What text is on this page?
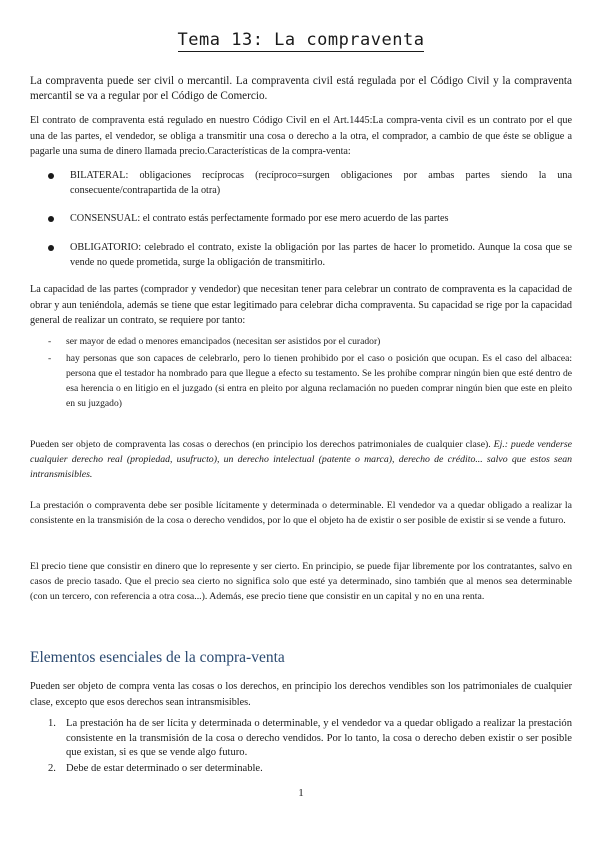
Tema 13: La compraventa

La compraventa puede ser civil o mercantil. La compraventa civil está regulada por el Código Civil y la compraventa mercantil se va a regular por el Código de Comercio.

El contrato de compraventa está regulado en nuestro Código Civil en el Art.1445:La compra-venta civil es un contrato por el que una de las partes, el vendedor, se obliga a transmitir una cosa o derecho a la otra, el comprador, a cambio de que éste se obligue a pagarle una suma de dinero llamada precio.Características de la compra-venta:

BILATERAL: obligaciones recíprocas (recíproco=surgen obligaciones por ambas partes siendo la una consecuente/contrapartida de la otra)
CONSENSUAL: el contrato estás perfectamente formado por ese mero acuerdo de las partes
OBLIGATORIO: celebrado el contrato, existe la obligación por las partes de hacer lo prometido. Aunque la cosa que se vende no quede prometida, surge la obligación de transmitirlo.

La capacidad de las partes (comprador y vendedor) que necesitan tener para celebrar un contrato de compraventa es la capacidad de obrar y aun teniéndola, además se tiene que estar legitimado para celebrar dicha compraventa. Su capacidad se rige por la capacidad general de realizar un contrato, se requiere por tanto:

- ser mayor de edad o menores emancipados (necesitan ser asistidos por el curador)
- hay personas que son capaces de celebrarlo, pero lo tienen prohibido por el caso o posición que ocupan. Es el caso del albacea: persona que el testador ha nombrado para que llegue a efecto su testamento. Se les prohíbe comprar ningún bien que esté dentro de esa herencia o en litigio en el juzgado (si entra en pleito por alguna reclamación no pueden comprar ningún bien que este en pleito en su juzgado)

Pueden ser objeto de compraventa las cosas o derechos (en principio los derechos patrimoniales de cualquier clase). Ej.: puede venderse cualquier derecho real (propiedad, usufructo), un derecho intelectual (patente o marca), derecho de crédito... salvo que estos sean intransmisibles.

La prestación o compraventa debe ser posible lícitamente y determinada o determinable. El vendedor va a quedar obligado a realizar la consistente en la transmisión de la cosa o derecho vendidos, por lo que el objeto ha de existir o ser posible de existir si se vende a futuro.

El precio tiene que consistir en dinero que lo represente y ser cierto. En principio, se puede fijar libremente por los contratantes, salvo en casos de precio tasado. Que el precio sea cierto no significa solo que esté ya determinado, sino también que al menos sea determinable (con un tercero, con referencia a otra cosa...). Además, ese precio tiene que consistir en un capital y no en una renta.

Elementos esenciales de la compra-venta

Pueden ser objeto de compra venta las cosas o los derechos, en principio los derechos vendibles son los patrimoniales de cualquier clase, excepto que esos derechos sean intransmisibles.

1. La prestación ha de ser lícita y determinada o determinable, y el vendedor va a quedar obligado a realizar la prestación consistente en la transmisión de la cosa o derecho vendidos. Por lo tanto, la cosa o derecho deben existir o ser posible que existan, si es que se vende algo futuro.
2. Debe de estar determinado o ser determinable.
1
